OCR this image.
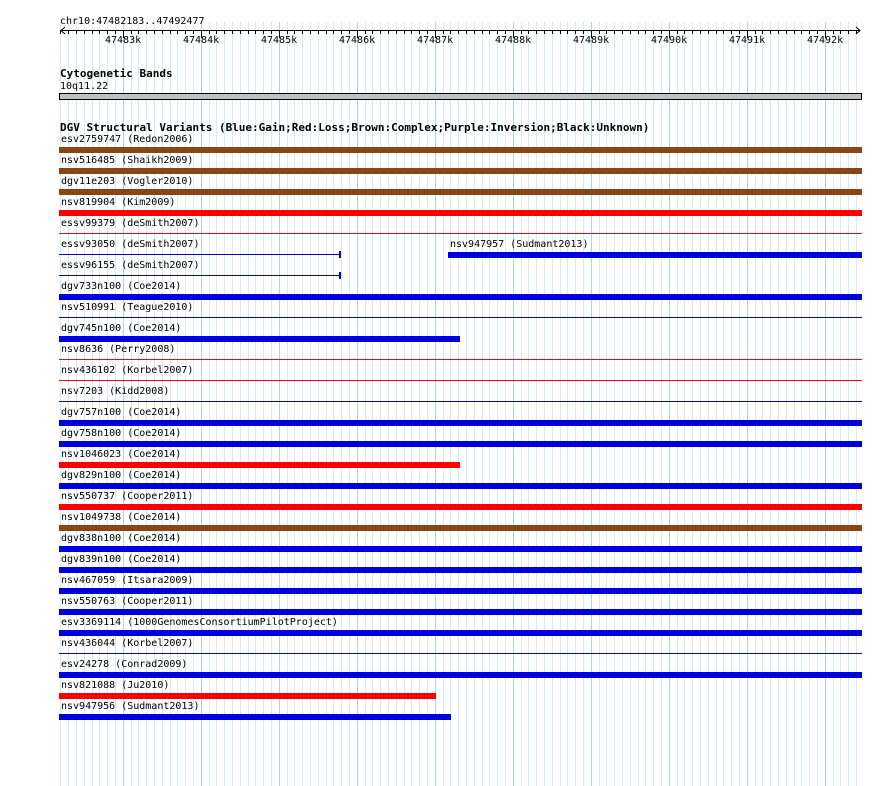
chr10:47482183..47492477
Cytogenetic Bands
10q11.22
DGV Structural Variants (Blue:Gain;Red:Loss;Brown:Complex;Purple:Inversion;Black:Unknown)
esv2759747 (Redon2006)
nsv516485 (Shaikh2009)
dgv11e203 (Vogler2010)
nsv819904 (Kim2009)
essv99379 (deSmith2007)
essv93050 (deSmith2007)	nsv947957 (Sudmant2013)
essv96155 (deSmith2007)
dgv733n100 (Coe2014)
nsv510991 (Teague2010)
dgv745n100 (Coe2014)
nsv8636 (Perry2008)
nsv436102 (Korbel2007)
nsv7203 (Kidd2008)
dgv757n100 (Coe2014)
dgv758n100 (Coe2014)
nsv1046023 (Coe2014)
dgv829n100 (Coe2014)
nsv550737 (Cooper2011)
nsv1049738 (Coe2014)
dgv838n100 (Coe2014)
dgv839n100 (Coe2014)
nsv467059 (Itsara2009)
nsv550763 (Cooper2011)
esv3369114 (1000GenomesConsortiumPilotProject)
nsv436044 (Korbel2007)
esv24278 (Conrad2009)
nsv821088 (Ju2010)
nsv947956 (Sudmant2013)
47483k	47484k	47485k	47486k	47487k	47488k	47489k	47490k	47491k	47492k
